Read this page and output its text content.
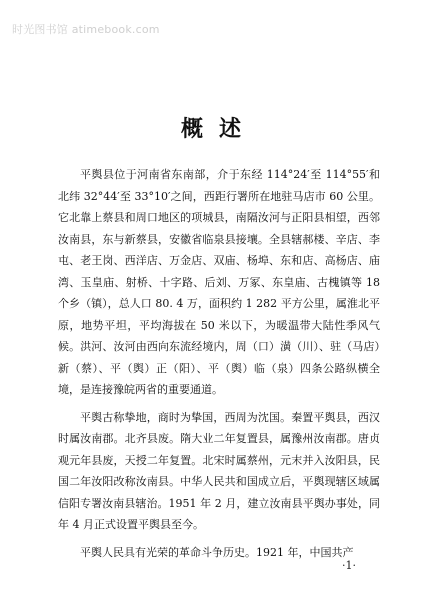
时光图书馆 atimebook.com
概述

平舆县位于河南省东南部，介于东经 114°24′至 114°55′和北纬 32°44′至 33°10′之间，西距行署所在地驻马店市 60 公里。它北靠上蔡县和周口地区的项城县，南隔汝河与正阳县相望，西邻汝南县，东与新蔡县，安徽省临泉县接壤。全县辖郝楼、辛店、李屯、老王岗、西洋店、万金店、双庙、杨埠、东和店、高杨店、庙湾、玉皇庙、射桥、十字路、后刘、万冢、东皇庙、古槐镇等 18 个乡（镇），总人口 80. 4 万，面积约 1 282 平方公里，属淮北平原，地势平坦，平均海拔在 50 米以下，为暖温带大陆性季风气候。洪河、汝河由西向东流经境内，周（口）潢（川）、驻（马店）新（蔡）、平（舆）正（阳）、平（舆）临（泉）四条公路纵横全境，是连接豫皖两省的重要通道。

平舆古称挚地，商时为挚国，西周为沈国。秦置平舆县，西汉时属汝南郡。北齐县废。隋大业二年复置县，属豫州汝南郡。唐贞观元年县废，天授二年复置。北宋时属蔡州，元末并入汝阳县，民国二年汝阳改称汝南县。中华人民共和国成立后，平舆现辖区域属信阳专署汝南县辖治。1951 年 2 月，建立汝南县平舆办事处，同年 4 月正式设置平舆县至今。

平舆人民具有光荣的革命斗争历史。1921 年，中国共产

·1·
